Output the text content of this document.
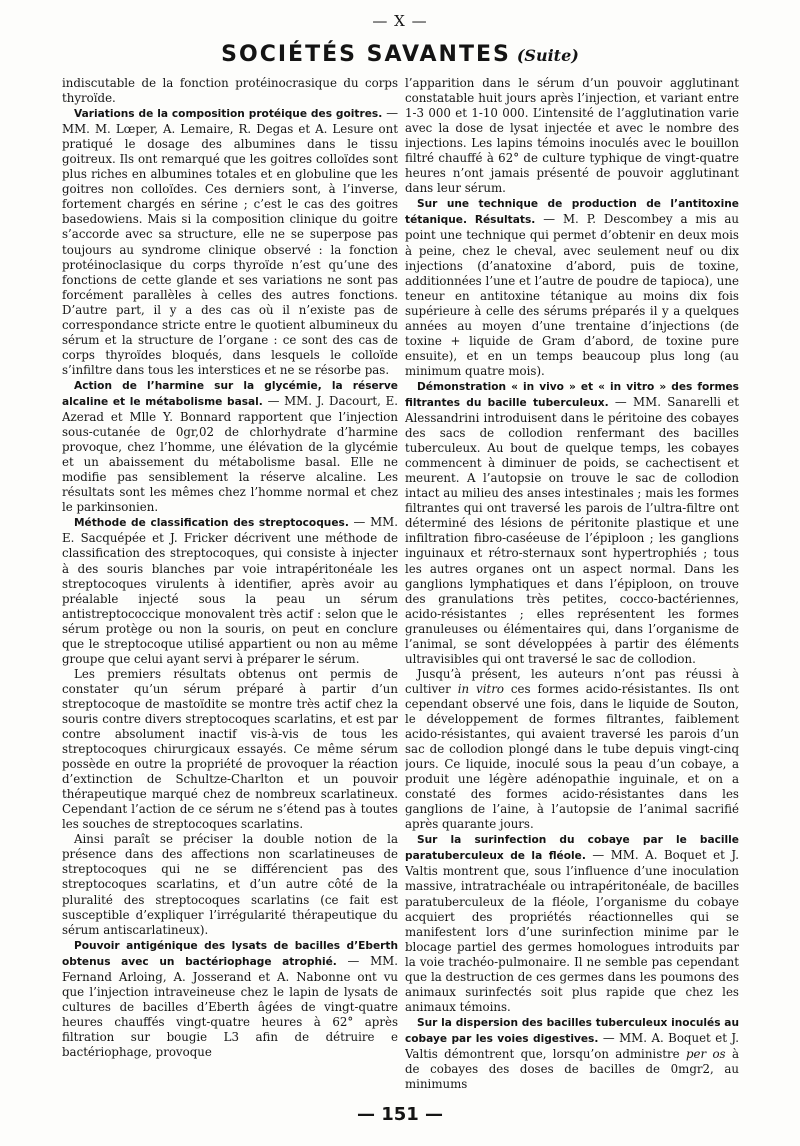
— X —
SOCIÉTÉS SAVANTES (Suite)

indiscutable de la fonction protéinocrasique du corps thyroïde.

Variations de la composition protéique des goitres. — MM. M. Lœper, A. Lemaire, R. Degas et A. Lesure ont pratiqué le dosage des albumines dans le tissu goitreux. Ils ont remarqué que les goitres colloïdes sont plus riches en albumines totales et en globuline que les goitres non colloïdes. Ces derniers sont, à l’inverse, fortement chargés en sérine ; c’est le cas des goitres basedowiens. Mais si la composition clinique du goitre s’accorde avec sa structure, elle ne se superpose pas toujours au syndrome clinique observé : la fonction protéinoclasique du corps thyroïde n’est qu’une des fonctions de cette glande et ses variations ne sont pas forcément parallèles à celles des autres fonctions. D’autre part, il y a des cas où il n’existe pas de correspondance stricte entre le quotient albumineux du sérum et la structure de l’organe : ce sont des cas de corps thyroïdes bloqués, dans lesquels le colloïde s’infiltre dans tous les interstices et ne se résorbe pas.

Action de l’harmine sur la glycémie, la réserve alcaline et le métabolisme basal. — MM. J. Dacourt, E. Azerad et Mlle Y. Bonnard rapportent que l’injection sous-cutanée de 0gr,02 de chlorhydrate d’harmine provoque, chez l’homme, une élévation de la glycémie et un abaissement du métabolisme basal. Elle ne modifie pas sensiblement la réserve alcaline. Les résultats sont les mêmes chez l’homme normal et chez le parkinsonien.

Méthode de classification des streptocoques. — MM. E. Sacquépée et J. Fricker décrivent une méthode de classification des streptocoques, qui consiste à injecter à des souris blanches par voie intrapéritonéale les streptocoques virulents à identifier, après avoir au préalable injecté sous la peau un sérum antistreptococcique monovalent très actif : selon que le sérum protège ou non la souris, on peut en conclure que le streptocoque utilisé appartient ou non au même groupe que celui ayant servi à préparer le sérum.

Les premiers résultats obtenus ont permis de constater qu’un sérum préparé à partir d’un streptocoque de mastoïdite se montre très actif chez la souris contre divers streptocoques scarlatins, et est par contre absolument inactif vis-à-vis de tous les streptocoques chirurgicaux essayés. Ce même sérum possède en outre la propriété de provoquer la réaction d’extinction de Schultze-Charlton et un pouvoir thérapeutique marqué chez de nombreux scarlatineux. Cependant l’action de ce sérum ne s’étend pas à toutes les souches de streptocoques scarlatins.

Ainsi paraît se préciser la double notion de la présence dans des affections non scarlatineuses de streptocoques qui ne se différencient pas des streptocoques scarlatins, et d’un autre côté de la pluralité des streptocoques scarlatins (ce fait est susceptible d’expliquer l’irrégularité thérapeutique du sérum antiscarlatineux).

Pouvoir antigénique des lysats de bacilles d’Eberth obtenus avec un bactériophage atrophié. — MM. Fernand Arloing, A. Josserand et A. Nabonne ont vu que l’injection intraveineuse chez le lapin de lysats de cultures de bacilles d’Eberth âgées de vingt-quatre heures chauffés vingt-quatre heures à 62° après filtration sur bougie L3 afin de détruire e bactériophage, provoque

l’apparition dans le sérum d’un pouvoir agglutinant constatable huit jours après l’injection, et variant entre 1-3 000 et 1-10 000. L’intensité de l’agglutination varie avec la dose de lysat injectée et avec le nombre des injections. Les lapins témoins inoculés avec le bouillon filtré chauffé à 62° de culture typhique de vingt-quatre heures n’ont jamais présenté de pouvoir agglutinant dans leur sérum.

Sur une technique de production de l’antitoxine tétanique. Résultats. — M. P. Descombey a mis au point une technique qui permet d’obtenir en deux mois à peine, chez le cheval, avec seulement neuf ou dix injections (d’anatoxine d’abord, puis de toxine, additionnées l’une et l’autre de poudre de tapioca), une teneur en antitoxine tétanique au moins dix fois supérieure à celle des sérums préparés il y a quelques années au moyen d’une trentaine d’injections (de toxine + liquide de Gram d’abord, de toxine pure ensuite), et en un temps beaucoup plus long (au minimum quatre mois).

Démonstration « in vivo » et « in vitro » des formes filtrantes du bacille tuberculeux. — MM. Sanarelli et Alessandrini introduisent dans le péritoine des cobayes des sacs de collodion renfermant des bacilles tuberculeux. Au bout de quelque temps, les cobayes commencent à diminuer de poids, se cachectisent et meurent. A l’autopsie on trouve le sac de collodion intact au milieu des anses intestinales ; mais les formes filtrantes qui ont traversé les parois de l’ultra-filtre ont déterminé des lésions de péritonite plastique et une infiltration fibro-caséeuse de l’épiploon ; les ganglions inguinaux et rétro-sternaux sont hypertrophiés ; tous les autres organes ont un aspect normal. Dans les ganglions lymphatiques et dans l’épiploon, on trouve des granulations très petites, cocco-bactériennes, acido-résistantes ; elles représentent les formes granuleuses ou élémentaires qui, dans l’organisme de l’animal, se sont développées à partir des éléments ultravisibles qui ont traversé le sac de collodion.

Jusqu’à présent, les auteurs n’ont pas réussi à cultiver in vitro ces formes acido-résistantes. Ils ont cependant observé une fois, dans le liquide de Souton, le développement de formes filtrantes, faiblement acido-résistantes, qui avaient traversé les parois d’un sac de collodion plongé dans le tube depuis vingt-cinq jours. Ce liquide, inoculé sous la peau d’un cobaye, a produit une légère adénopathie inguinale, et on a constaté des formes acido-résistantes dans les ganglions de l’aine, à l’autopsie de l’animal sacrifié après quarante jours.

Sur la surinfection du cobaye par le bacille paratuberculeux de la fléole. — MM. A. Boquet et J. Valtis montrent que, sous l’influence d’une inoculation massive, intratrachéale ou intrapéritonéale, de bacilles paratuberculeux de la fléole, l’organisme du cobaye acquiert des propriétés réactionnelles qui se manifestent lors d’une surinfection minime par le blocage partiel des germes homologues introduits par la voie trachéo-pulmonaire. Il ne semble pas cependant que la destruction de ces germes dans les poumons des animaux surinfectés soit plus rapide que chez les animaux témoins.

Sur la dispersion des bacilles tuberculeux inoculés au cobaye par les voies digestives. — MM. A. Boquet et J. Valtis démontrent que, lorsqu’on administre per os à de cobayes des doses de bacilles de 0mgr2, au minimums

— 151 —
